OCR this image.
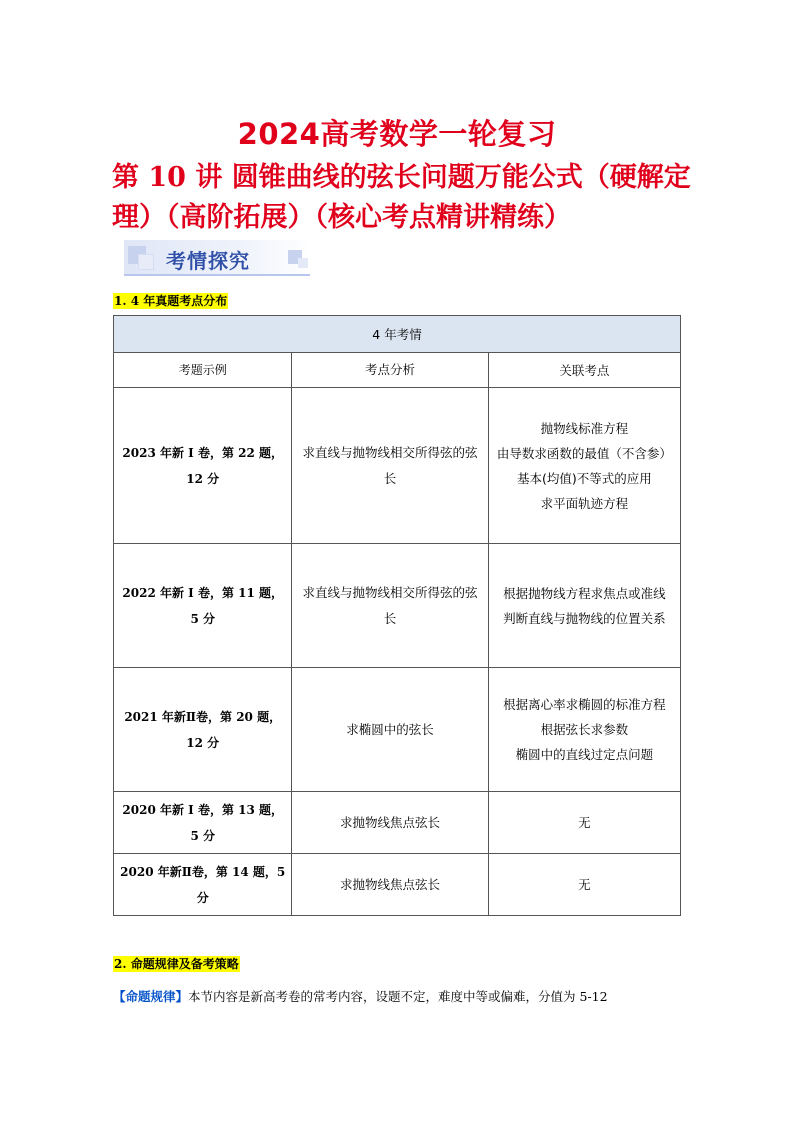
2024高考数学一轮复习
第 10 讲 圆锥曲线的弦长问题万能公式（硬解定理）（高阶拓展）（核心考点精讲精练）
考情探究
1. 4 年真题考点分布
4 年考情		
考题示例	考点分析	关联考点
2023 年新 I 卷，第 22 题，12 分	求直线与抛物线相交所得弦的弦长	抛物线标准方程
由导数求函数的最值（不含参）
基本(均值)不等式的应用
求平面轨迹方程

2022 年新 I 卷，第 11 题，5 分	求直线与抛物线相交所得弦的弦长	根据抛物线方程求焦点或准线
判断直线与抛物线的位置关系

2021 年新Ⅱ卷，第 20 题，12 分	求椭圆中的弦长	根据离心率求椭圆的标准方程
根据弦长求参数
椭圆中的直线过定点问题

2020 年新 I 卷，第 13 题，5 分	求抛物线焦点弦长	无
2020 年新Ⅱ卷，第 14 题，5 分	求抛物线焦点弦长	无
2. 命题规律及备考策略
【命题规律】本节内容是新高考卷的常考内容，设题不定，难度中等或偏难，分值为 5-12
